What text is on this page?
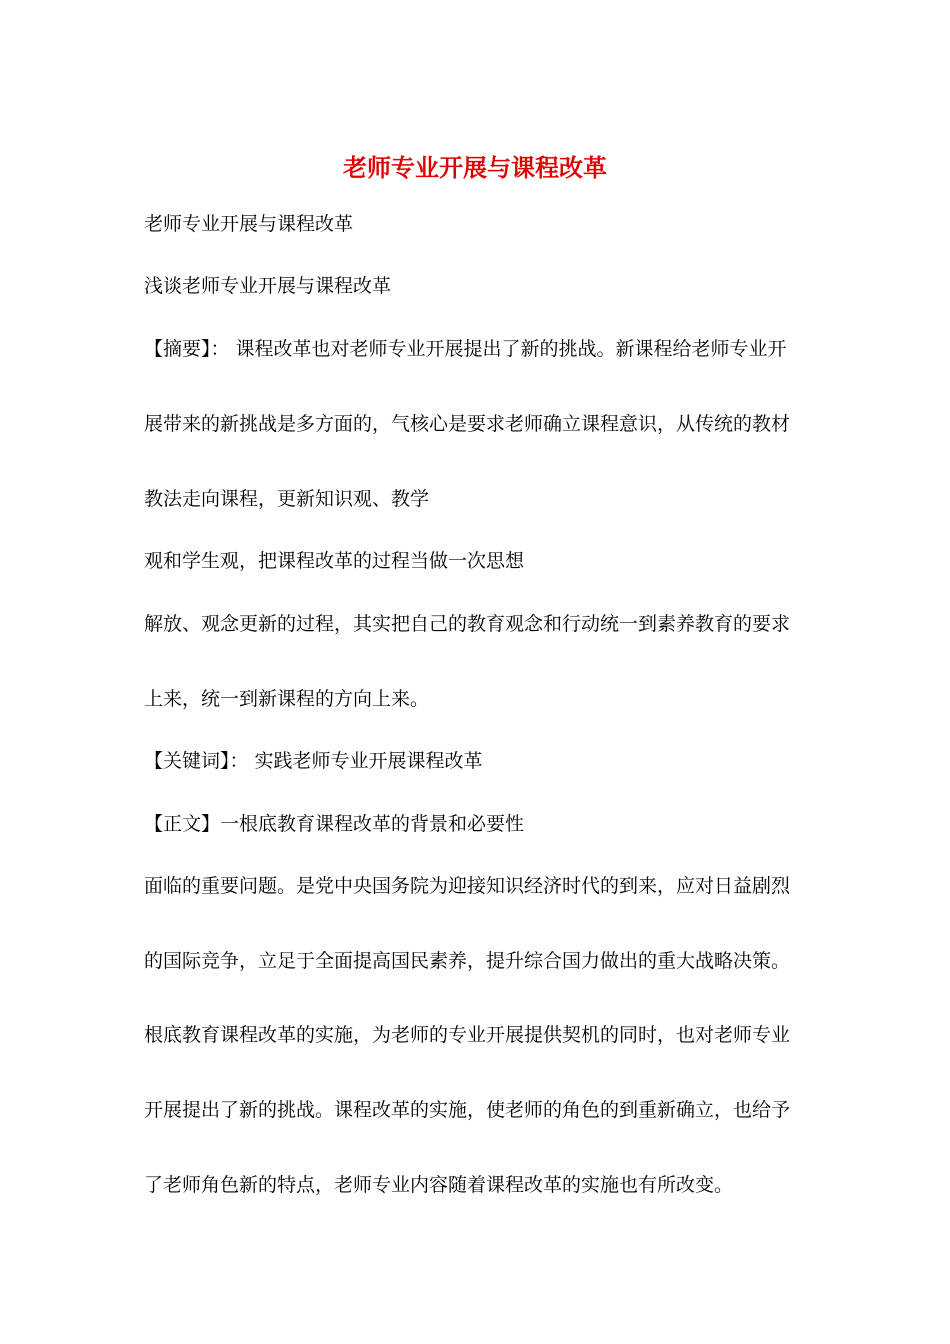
老师专业开展与课程改革
老师专业开展与课程改革
浅谈老师专业开展与课程改革
【摘要】： 课程改革也对老师专业开展提出了新的挑战。新课程给老师专业开
展带来的新挑战是多方面的，气核心是要求老师确立课程意识，从传统的教材
教法走向课程，更新知识观、教学
观和学生观，把课程改革的过程当做一次思想
解放、观念更新的过程，其实把自己的教育观念和行动统一到素养教育的要求
上来，统一到新课程的方向上来。
【关键词】： 实践老师专业开展课程改革
【正文】一根底教育课程改革的背景和必要性
面临的重要问题。是党中央国务院为迎接知识经济时代的到来，应对日益剧烈
的国际竞争，立足于全面提高国民素养，提升综合国力做出的重大战略决策。
根底教育课程改革的实施，为老师的专业开展提供契机的同时，也对老师专业
开展提出了新的挑战。课程改革的实施，使老师的角色的到重新确立，也给予
了老师角色新的特点，老师专业内容随着课程改革的实施也有所改变。
